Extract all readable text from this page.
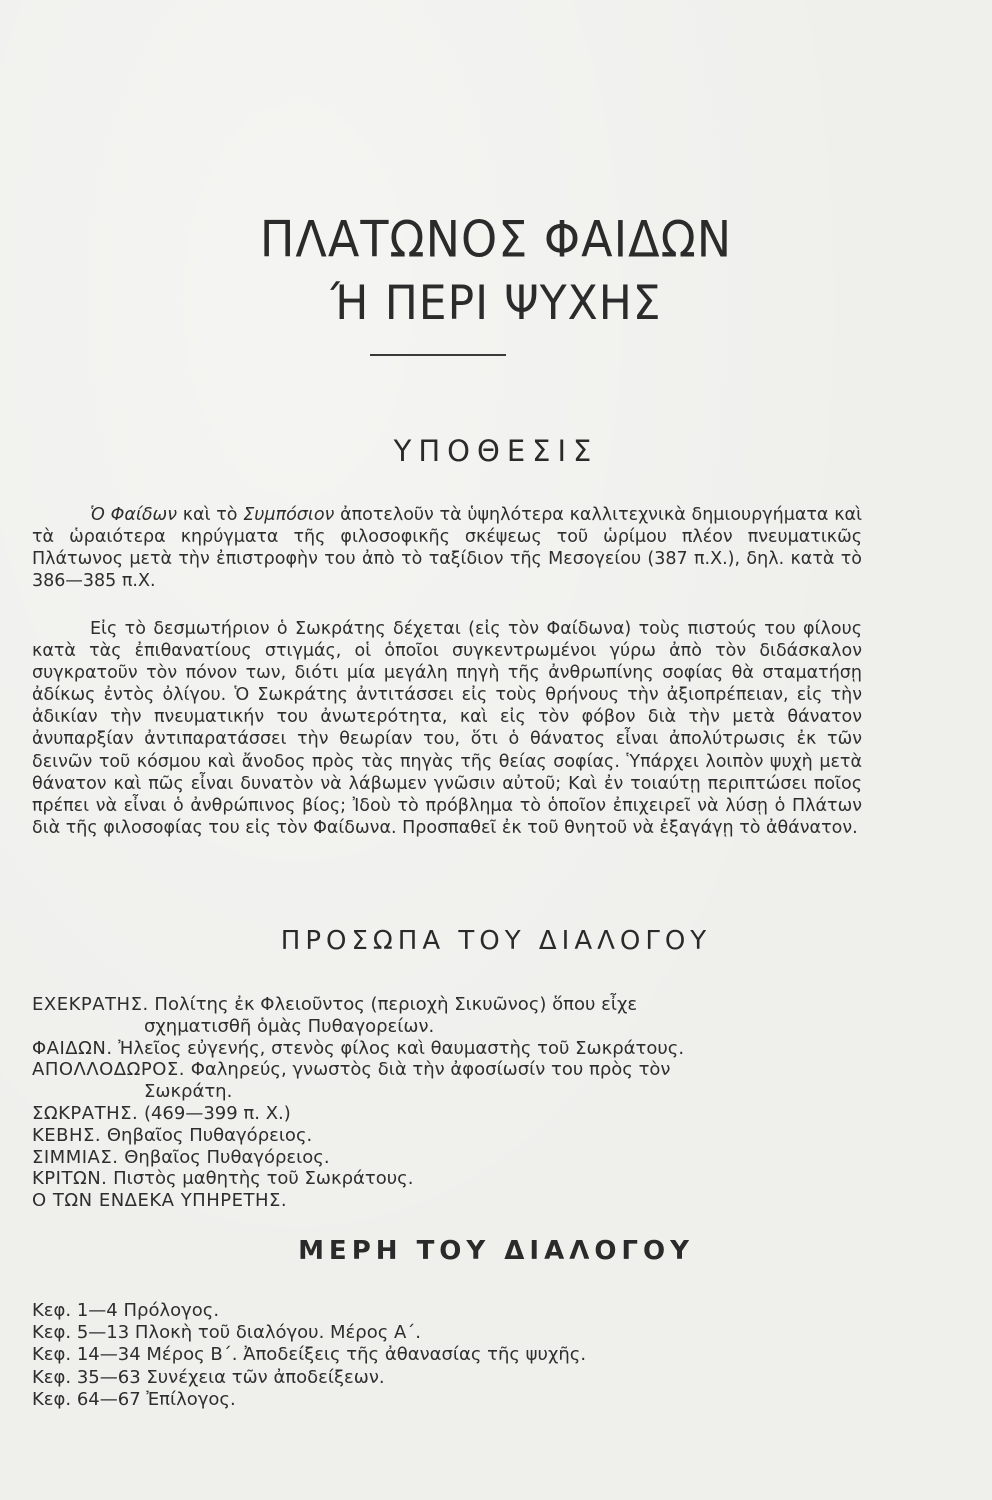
ΠΛΑΤΩΝΟΣ ΦΑΙΔΩΝ
Ή ΠΕΡΙ ΨΥΧΗΣ
ΥΠΟΘΕΣΙΣ
Ὁ Φαίδων καὶ τὸ Συμπόσιον ἀποτελοῦν τὰ ὑψηλότερα καλλιτεχνικὰ δημιουργήματα καὶ τὰ ὡραιότερα κηρύγματα τῆς φιλοσοφικῆς σκέψεως τοῦ ὡρίμου πλέον πνευματικῶς Πλάτωνος μετὰ τὴν ἐπιστροφὴν του ἀπὸ τὸ ταξίδιον τῆς Μεσογείου (387 π.Χ.), δηλ. κατὰ τὸ 386—385 π.Χ.
Εἰς τὸ δεσμωτήριον ὁ Σωκράτης δέχεται (εἰς τὸν Φαίδωνα) τοὺς πιστούς του φίλους κατὰ τὰς ἐπιθανατίους στιγμάς, οἱ ὁποῖοι συγκεντρωμένοι γύρω ἀπὸ τὸν διδάσκαλον συγκρατοῦν τὸν πόνον των, διότι μία μεγάλη πηγὴ τῆς ἀνθρωπίνης σοφίας θὰ σταματήσῃ ἀδίκως ἐντὸς ὀλίγου. Ὁ Σωκράτης ἀντιτάσσει εἰς τοὺς θρήνους τὴν ἀξιοπρέπειαν, εἰς τὴν ἀδικίαν τὴν πνευματικήν του ἀνωτερότητα, καὶ εἰς τὸν φόβον διὰ τὴν μετὰ θάνατον ἀνυπαρξίαν ἀντιπαρατάσσει τὴν θεωρίαν του, ὅτι ὁ θάνατος εἶναι ἀπολύτρωσις ἐκ τῶν δεινῶν τοῦ κόσμου καὶ ἄνοδος πρὸς τὰς πηγὰς τῆς θείας σοφίας. Ὑπάρχει λοιπὸν ψυχὴ μετὰ θάνατον καὶ πῶς εἶναι δυνατὸν νὰ λάβωμεν γνῶσιν αὐτοῦ; Καὶ ἐν τοιαύτῃ περιπτώσει ποῖος πρέπει νὰ εἶναι ὁ ἀνθρώπινος βίος; Ἰδοὺ τὸ πρόβλημα τὸ ὁποῖον ἐπιχειρεῖ νὰ λύσῃ ὁ Πλάτων διὰ τῆς φιλοσοφίας του εἰς τὸν Φαίδωνα. Προσπαθεῖ ἐκ τοῦ θνητοῦ νὰ ἐξαγάγῃ τὸ ἀθάνατον.
ΠΡΟΣΩΠΑ ΤΟΥ ΔΙΑΛΟΓΟΥ
ΕΧΕΚΡΑΤΗΣ. Πολίτης ἐκ Φλειοῦντος (περιοχὴ Σικυῶνος) ὅπου εἶχε
σχηματισθῆ ὁμὰς Πυθαγορείων.
ΦΑΙΔΩΝ. Ἠλεῖος εὐγενής, στενὸς φίλος καὶ θαυμαστὴς τοῦ Σωκράτους.
ΑΠΟΛΛΟΔΩΡΟΣ. Φαληρεύς, γνωστὸς διὰ τὴν ἀφοσίωσίν του πρὸς τὸν
Σωκράτη.
ΣΩΚΡΑΤΗΣ. (469—399 π. Χ.)
ΚΕΒΗΣ. Θηβαῖος Πυθαγόρειος.
ΣΙΜΜΙΑΣ. Θηβαῖος Πυθαγόρειος.
ΚΡΙΤΩΝ. Πιστὸς μαθητὴς τοῦ Σωκράτους.
Ο ΤΩΝ ΕΝΔΕΚΑ ΥΠΗΡΕΤΗΣ.
ΜΕΡΗ ΤΟΥ ΔΙΑΛΟΓΟΥ
Κεφ. 1—4 Πρόλογος.
Κεφ. 5—13 Πλοκὴ τοῦ διαλόγου. Μέρος Α΄.
Κεφ. 14—34 Μέρος Β΄. Ἀποδείξεις τῆς ἀθανασίας τῆς ψυχῆς.
Κεφ. 35—63 Συνέχεια τῶν ἀποδείξεων.
Κεφ. 64—67 Ἐπίλογος.
